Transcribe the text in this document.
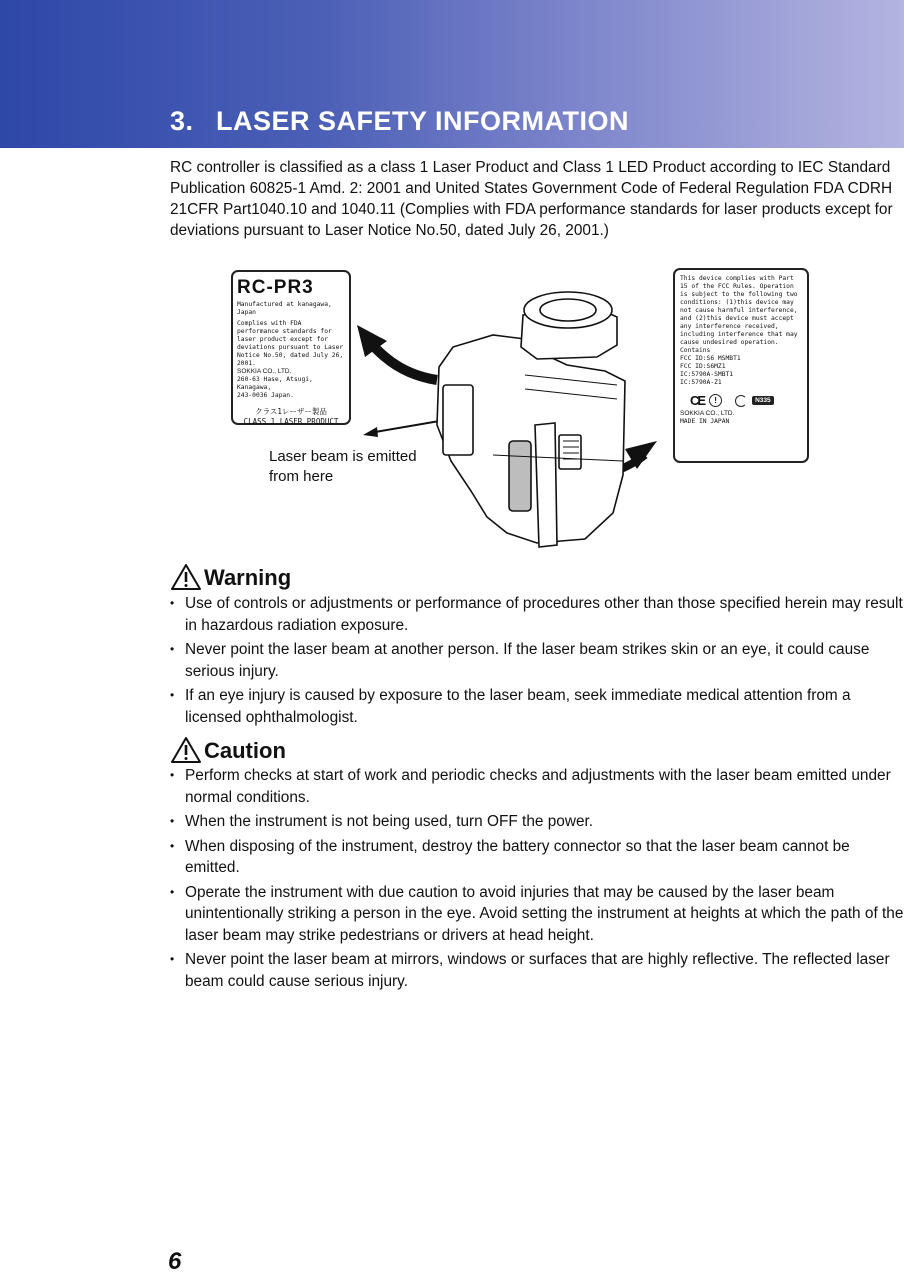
3. LASER SAFETY INFORMATION

RC controller is classified as a class 1 Laser Product and Class 1 LED Product according to IEC Standard Publication 60825-1 Amd. 2: 2001 and United States Government Code of Federal Regulation FDA CDRH 21CFR Part1040.10 and 1040.11 (Complies with FDA performance standards for laser products except for deviations pursuant to Laser Notice No.50, dated July 26, 2001.)

RC-PR3

Manufactured at kanagawa, Japan

Complies with FDA performance standards for laser product except for deviations pursuant to Laser Notice No.50, dated July 26, 2001.

SOKKIA CO., LTD.

260-63 Hase, Atsugi, Kanagawa,

243-0036 Japan.

クラス1レーザー製品

CLASS 1 LASER PRODUCT

This device complies with Part 15 of the FCC Rules. Operation is subject to the following two conditions: (1)this device may not cause harmful interference, and (2)this device must accept any interference received, including interference that may cause undesired operation.

Contains

FCC ID:S6 MSMBT1

FCC ID:S6MZ1

IC:5790A-SMBT1

IC:5790A-Z1

CE	!	N335

SOKKIA CO., LTD.

MADE IN JAPAN

Laser beam is emitted from here

Warning
• Use of controls or adjustments or performance of procedures other than those specified herein may result in hazardous radiation exposure.
• Never point the laser beam at another person. If the laser beam strikes skin or an eye, it could cause serious injury.
• If an eye injury is caused by exposure to the laser beam, seek immediate medical attention from a licensed ophthalmologist.
Caution
• Perform checks at start of work and periodic checks and adjustments with the laser beam emitted under normal conditions.
• When the instrument is not being used, turn OFF the power.
• When disposing of the instrument, destroy the battery connector so that the laser beam cannot be emitted.
• Operate the instrument with due caution to avoid injuries that may be caused by the laser beam unintentionally striking a person in the eye. Avoid setting the instrument at heights at which the path of the laser beam may strike pedestrians or drivers at head height.
• Never point the laser beam at mirrors, windows or surfaces that are highly reflective. The reflected laser beam could cause serious injury.

6
